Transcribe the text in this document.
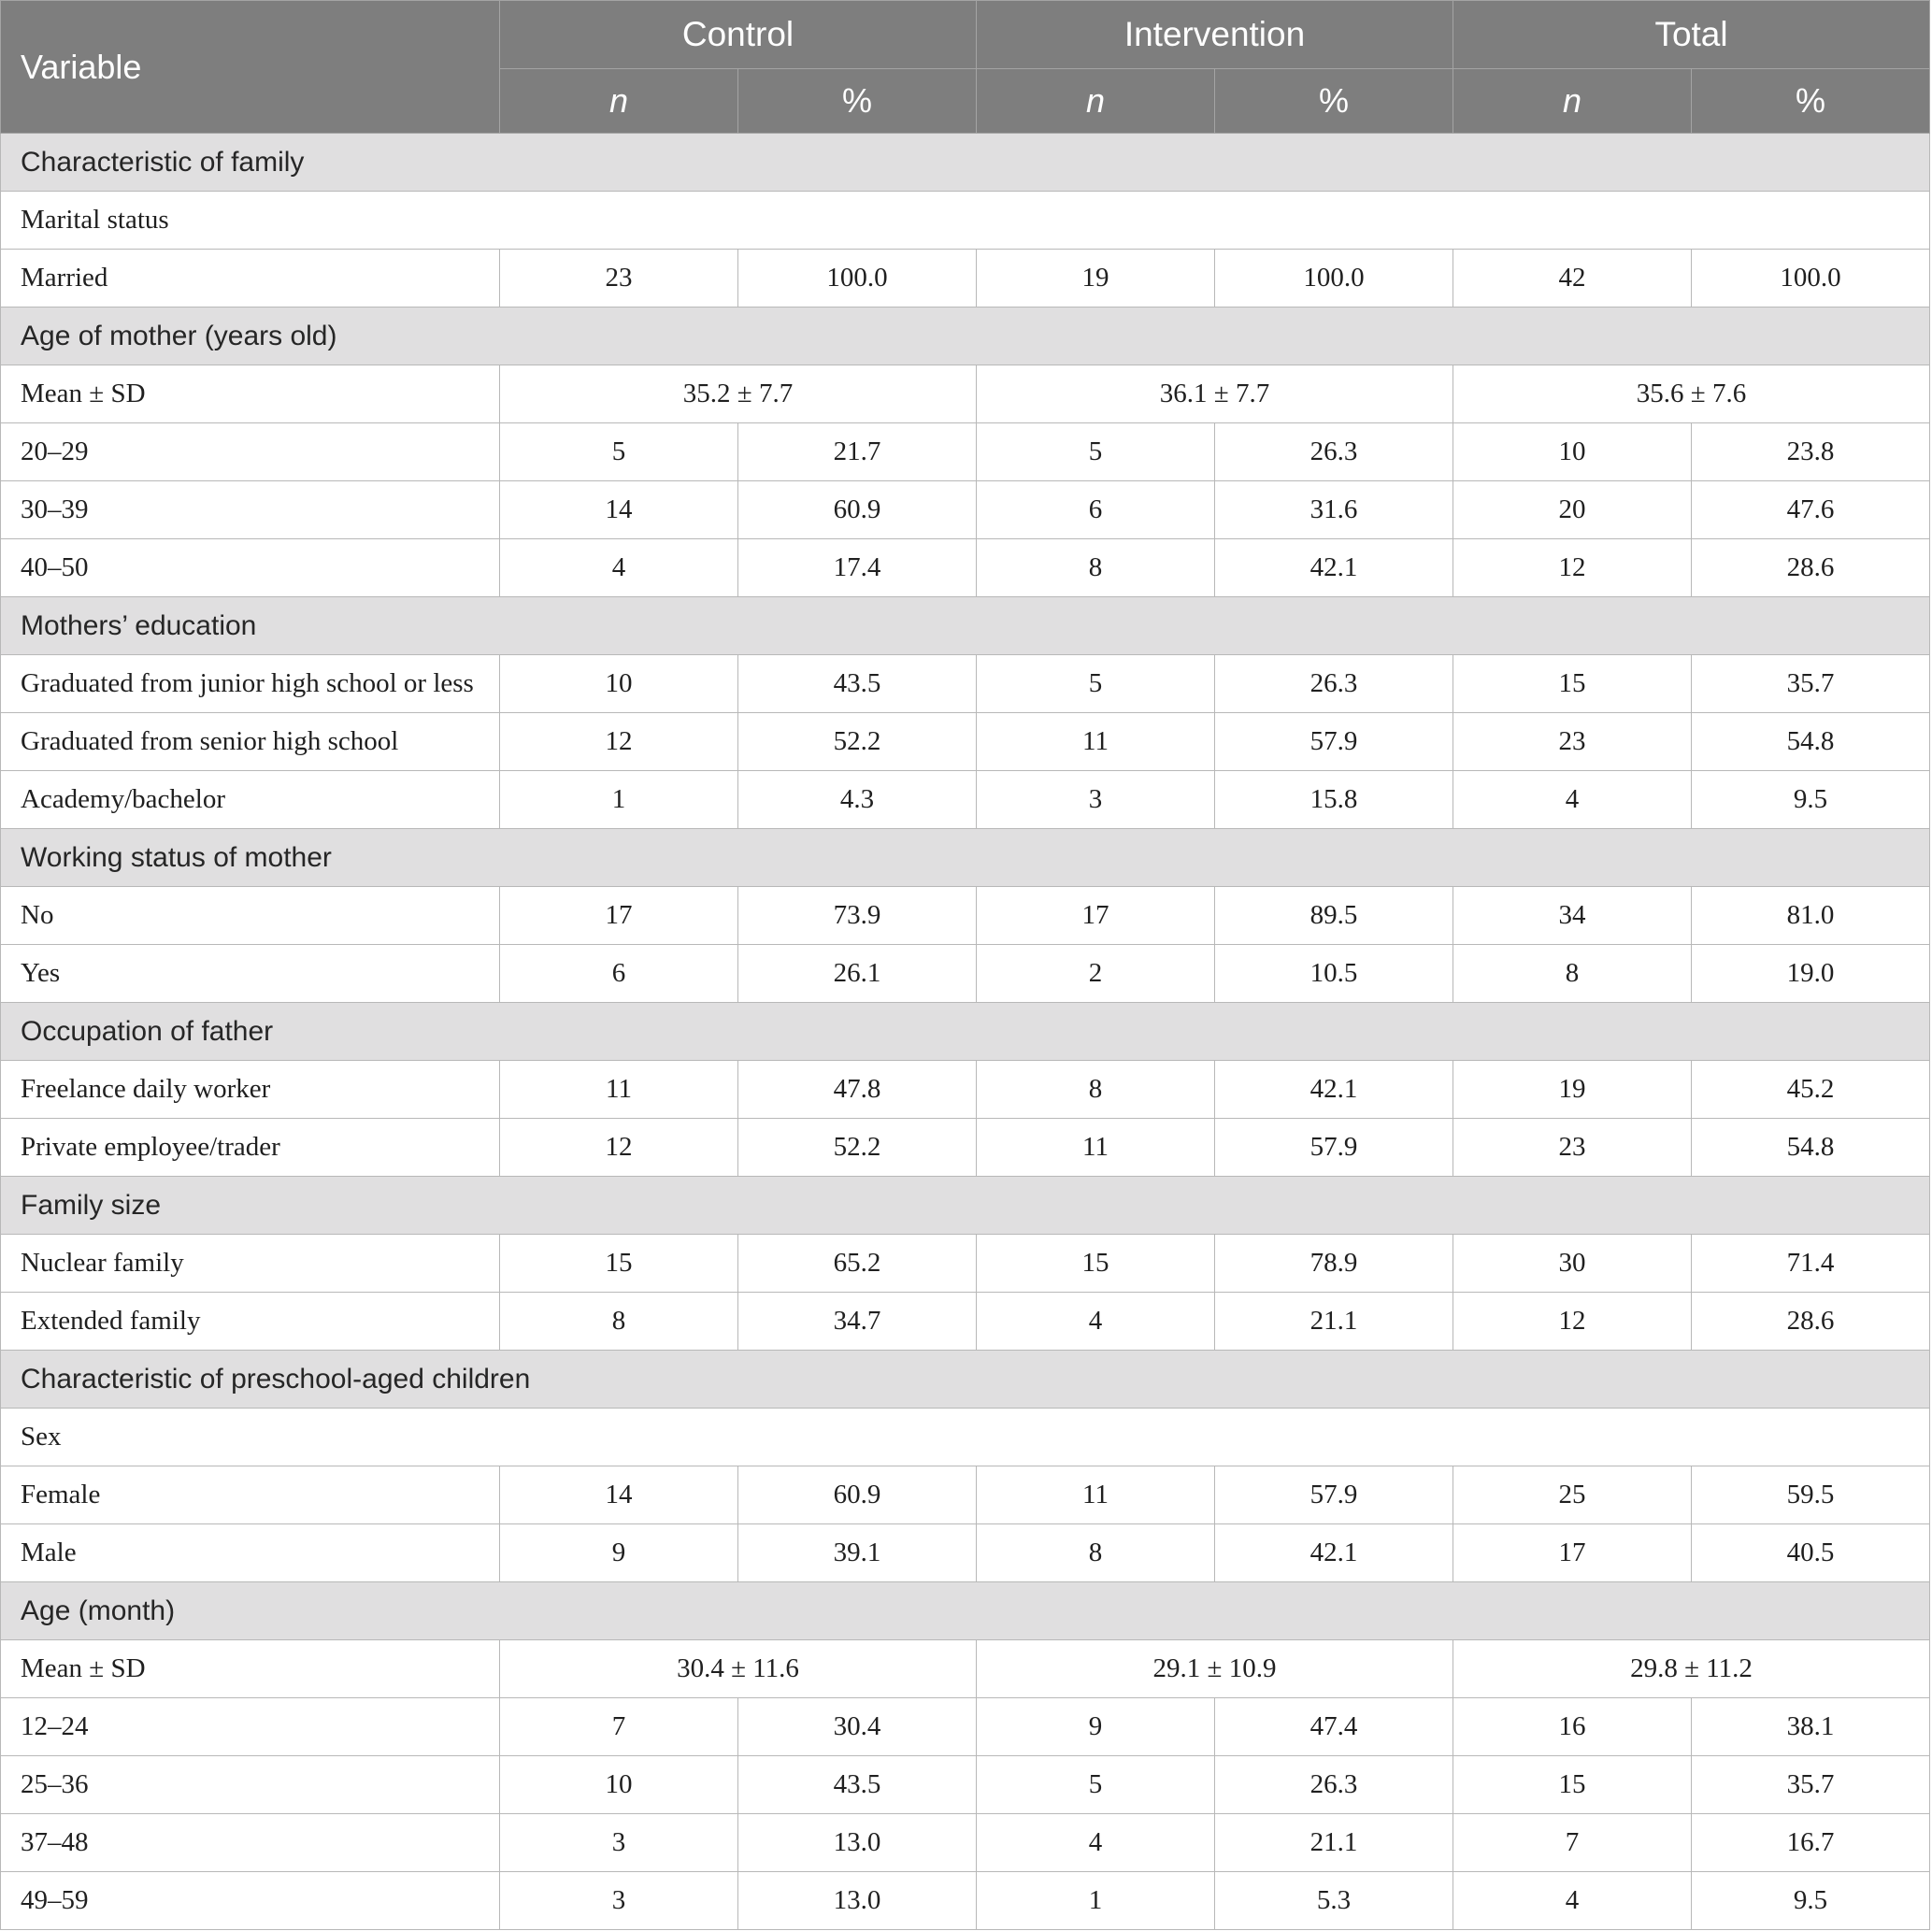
Variable	Control		Intervention		Total	
	n	%	n	%	n	%
Characteristic of family						
Marital status						
Married	23	100.0	19	100.0	42	100.0
Age of mother (years old)						
Mean ± SD	35.2 ± 7.7		36.1 ± 7.7		35.6 ± 7.6	
20–29	5	21.7	5	26.3	10	23.8
30–39	14	60.9	6	31.6	20	47.6
40–50	4	17.4	8	42.1	12	28.6
Mothers’ education						
Graduated from junior high school or less	10	43.5	5	26.3	15	35.7
Graduated from senior high school	12	52.2	11	57.9	23	54.8
Academy/bachelor	1	4.3	3	15.8	4	9.5
Working status of mother						
No	17	73.9	17	89.5	34	81.0
Yes	6	26.1	2	10.5	8	19.0
Occupation of father						
Freelance daily worker	11	47.8	8	42.1	19	45.2
Private employee/trader	12	52.2	11	57.9	23	54.8
Family size						
Nuclear family	15	65.2	15	78.9	30	71.4
Extended family	8	34.7	4	21.1	12	28.6
Characteristic of preschool-aged children						
Sex						
Female	14	60.9	11	57.9	25	59.5
Male	9	39.1	8	42.1	17	40.5
Age (month)						
Mean ± SD	30.4 ± 11.6		29.1 ± 10.9		29.8 ± 11.2	
12–24	7	30.4	9	47.4	16	38.1
25–36	10	43.5	5	26.3	15	35.7
37–48	3	13.0	4	21.1	7	16.7
49–59	3	13.0	1	5.3	4	9.5
